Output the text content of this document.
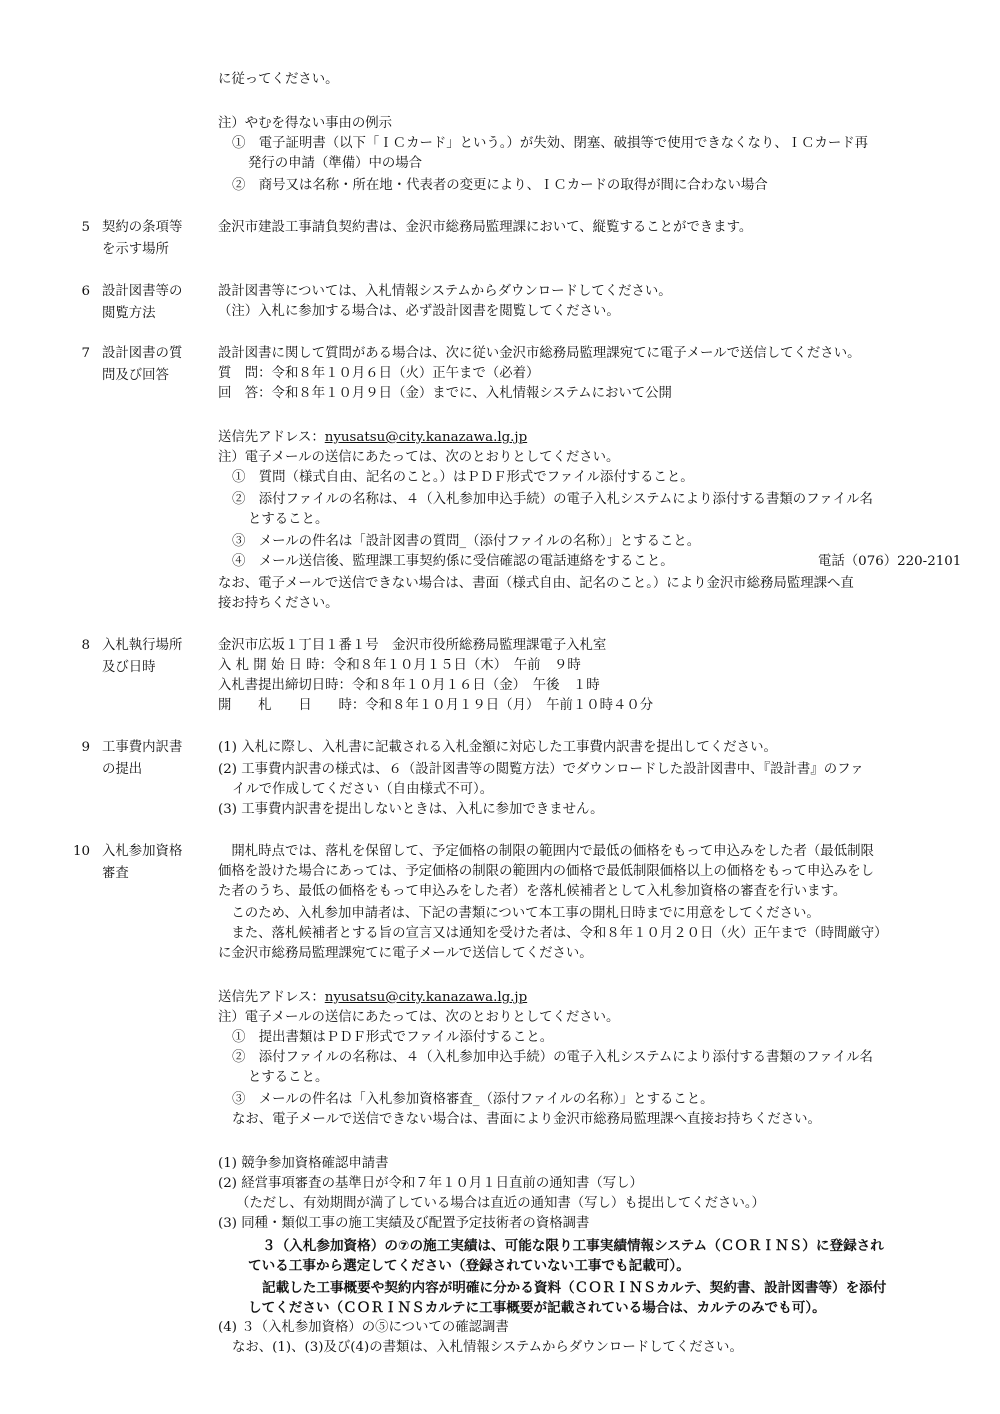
に従ってください。
注）やむを得ない事由の例示
①　電子証明書（以下「ＩＣカード」という。）が失効、閉塞、破損等で使用できなくなり、ＩＣカード再
発行の申請（準備）中の場合
②　商号又は名称・所在地・代表者の変更により、ＩＣカードの取得が間に合わない場合
5 契約の条項等
を示す場所
金沢市建設工事請負契約書は、金沢市総務局監理課において、縦覧することができます。
6 設計図書等の
閲覧方法
設計図書等については、入札情報システムからダウンロードしてください。
（注）入札に参加する場合は、必ず設計図書を閲覧してください。
7 設計図書の質
問及び回答
設計図書に関して質問がある場合は、次に従い金沢市総務局監理課宛てに電子メールで送信してください。
質　問：令和８年１０月６日（火）正午まで（必着）
回　答：令和８年１０月９日（金）までに、入札情報システムにおいて公開
送信先アドレス：nyusatsu@city.kanazawa.lg.jp
注）電子メールの送信にあたっては、次のとおりとしてください。
①　質問（様式自由、記名のこと。）はＰＤＦ形式でファイル添付すること。
②　添付ファイルの名称は、４（入札参加申込手続）の電子入札システムにより添付する書類のファイル名
とすること。
③　メールの件名は「設計図書の質問_（添付ファイルの名称）」とすること。
④　メール送信後、監理課工事契約係に受信確認の電話連絡をすること。	電話（076）220-2101
なお、電子メールで送信できない場合は、書面（様式自由、記名のこと。）により金沢市総務局監理課へ直
接お持ちください。
8 入札執行場所
及び日時
金沢市広坂１丁目１番１号　金沢市役所総務局監理課電子入札室
入 札 開 始 日 時：令和８年１０月１５日（木）　午前　９時
入札書提出締切日時：令和８年１０月１６日（金）　午後　１時
開　　札　　日　　時：令和８年１０月１９日（月）　午前１０時４０分
9 工事費内訳書
の提出
(1) 入札に際し、入札書に記載される入札金額に対応した工事費内訳書を提出してください。
(2) 工事費内訳書の様式は、６（設計図書等の閲覧方法）でダウンロードした設計図書中、『設計書』のファ
イルで作成してください（自由様式不可）。
(3) 工事費内訳書を提出しないときは、入札に参加できません。
10 入札参加資格
審査
　開札時点では、落札を保留して、予定価格の制限の範囲内で最低の価格をもって申込みをした者（最低制限
価格を設けた場合にあっては、予定価格の制限の範囲内の価格で最低制限価格以上の価格をもって申込みをし
た者のうち、最低の価格をもって申込みをした者）を落札候補者として入札参加資格の審査を行います。
　このため、入札参加申請者は、下記の書類について本工事の開札日時までに用意をしてください。
　また、落札候補者とする旨の宣言又は通知を受けた者は、令和８年１０月２０日（火）正午まで（時間厳守）
に金沢市総務局監理課宛てに電子メールで送信してください。
送信先アドレス：nyusatsu@city.kanazawa.lg.jp
注）電子メールの送信にあたっては、次のとおりとしてください。
①　提出書類はＰＤＦ形式でファイル添付すること。
②　添付ファイルの名称は、４（入札参加申込手続）の電子入札システムにより添付する書類のファイル名
とすること。
③　メールの件名は「入札参加資格審査_（添付ファイルの名称）」とすること。
なお、電子メールで送信できない場合は、書面により金沢市総務局監理課へ直接お持ちください。
(1) 競争参加資格確認申請書
(2) 経営事項審査の基準日が令和７年１０月１日直前の通知書（写し）
（ただし、有効期間が満了している場合は直近の通知書（写し）も提出してください。）
(3) 同種・類似工事の施工実績及び配置予定技術者の資格調書
３（入札参加資格）の⑦の施工実績は、可能な限り工事実績情報システム（ＣＯＲＩＮＳ）に登録され
ている工事から選定してください（登録されていない工事でも記載可）。
記載した工事概要や契約内容が明確に分かる資料（ＣＯＲＩＮＳカルテ、契約書、設計図書等）を添付
してください（ＣＯＲＩＮＳカルテに工事概要が記載されている場合は、カルテのみでも可）。
(4) ３（入札参加資格）の⑤についての確認調書
なお、(1)、(3)及び(4)の書類は、入札情報システムからダウンロードしてください。
